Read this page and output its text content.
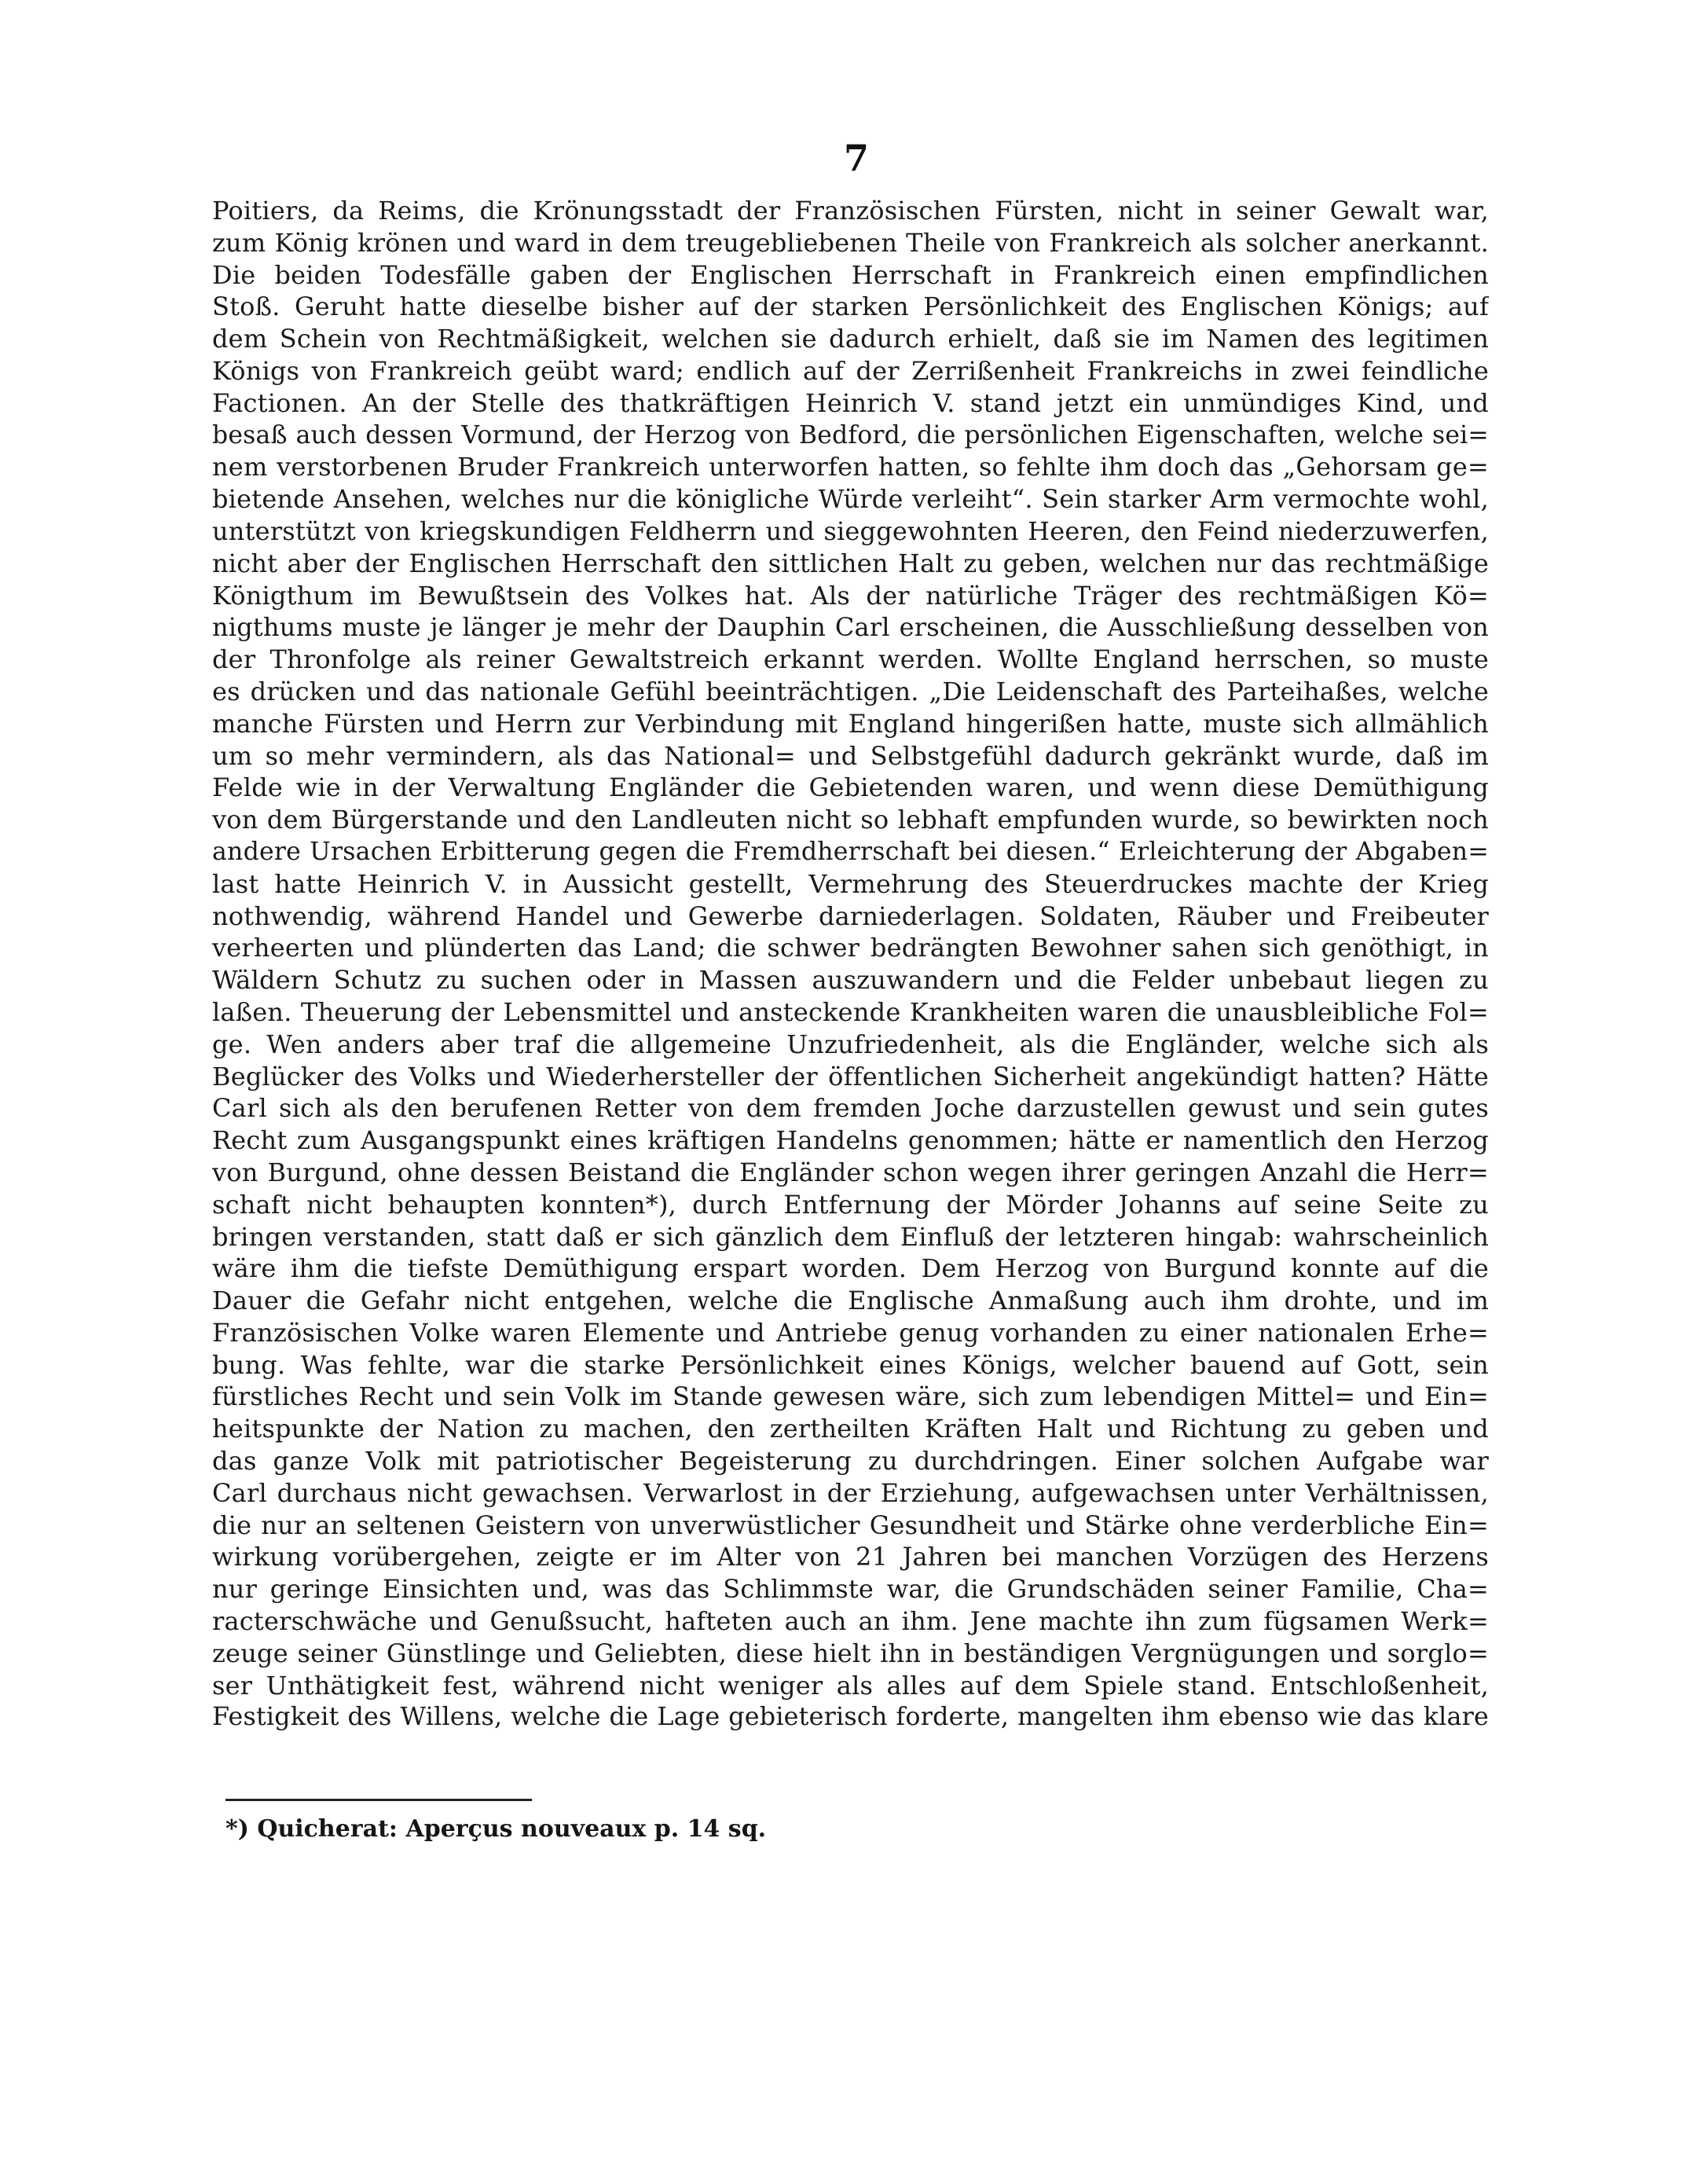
7
Poitiers, da Reims, die Krönungsstadt der Französischen Fürsten, nicht in seiner Gewalt war,
zum König krönen und ward in dem treugebliebenen Theile von Frankreich als solcher anerkannt.
Die beiden Todesfälle gaben der Englischen Herrschaft in Frankreich einen empfindlichen
Stoß. Geruht hatte dieselbe bisher auf der starken Persönlichkeit des Englischen Königs; auf
dem Schein von Rechtmäßigkeit, welchen sie dadurch erhielt, daß sie im Namen des legitimen
Königs von Frankreich geübt ward; endlich auf der Zerrißenheit Frankreichs in zwei feindliche
Factionen. An der Stelle des thatkräftigen Heinrich V. stand jetzt ein unmündiges Kind, und
besaß auch dessen Vormund, der Herzog von Bedford, die persönlichen Eigenschaften, welche sei=
nem verstorbenen Bruder Frankreich unterworfen hatten, so fehlte ihm doch das „Gehorsam ge=
bietende Ansehen, welches nur die königliche Würde verleiht“. Sein starker Arm vermochte wohl,
unterstützt von kriegskundigen Feldherrn und sieggewohnten Heeren, den Feind niederzuwerfen,
nicht aber der Englischen Herrschaft den sittlichen Halt zu geben, welchen nur das rechtmäßige
Königthum im Bewußtsein des Volkes hat. Als der natürliche Träger des rechtmäßigen Kö=
nigthums muste je länger je mehr der Dauphin Carl erscheinen, die Ausschließung desselben von
der Thronfolge als reiner Gewaltstreich erkannt werden. Wollte England herrschen, so muste
es drücken und das nationale Gefühl beeinträchtigen. „Die Leidenschaft des Parteihaßes, welche
manche Fürsten und Herrn zur Verbindung mit England hingerißen hatte, muste sich allmählich
um so mehr vermindern, als das National= und Selbstgefühl dadurch gekränkt wurde, daß im
Felde wie in der Verwaltung Engländer die Gebietenden waren, und wenn diese Demüthigung
von dem Bürgerstande und den Landleuten nicht so lebhaft empfunden wurde, so bewirkten noch
andere Ursachen Erbitterung gegen die Fremdherrschaft bei diesen.“ Erleichterung der Abgaben=
last hatte Heinrich V. in Aussicht gestellt, Vermehrung des Steuerdruckes machte der Krieg
nothwendig, während Handel und Gewerbe darniederlagen. Soldaten, Räuber und Freibeuter
verheerten und plünderten das Land; die schwer bedrängten Bewohner sahen sich genöthigt, in
Wäldern Schutz zu suchen oder in Massen auszuwandern und die Felder unbebaut liegen zu
laßen. Theuerung der Lebensmittel und ansteckende Krankheiten waren die unausbleibliche Fol=
ge. Wen anders aber traf die allgemeine Unzufriedenheit, als die Engländer, welche sich als
Beglücker des Volks und Wiederhersteller der öffentlichen Sicherheit angekündigt hatten? Hätte
Carl sich als den berufenen Retter von dem fremden Joche darzustellen gewust und sein gutes
Recht zum Ausgangspunkt eines kräftigen Handelns genommen; hätte er namentlich den Herzog
von Burgund, ohne dessen Beistand die Engländer schon wegen ihrer geringen Anzahl die Herr=
schaft nicht behaupten konnten*), durch Entfernung der Mörder Johanns auf seine Seite zu
bringen verstanden, statt daß er sich gänzlich dem Einfluß der letzteren hingab: wahrscheinlich
wäre ihm die tiefste Demüthigung erspart worden. Dem Herzog von Burgund konnte auf die
Dauer die Gefahr nicht entgehen, welche die Englische Anmaßung auch ihm drohte, und im
Französischen Volke waren Elemente und Antriebe genug vorhanden zu einer nationalen Erhe=
bung. Was fehlte, war die starke Persönlichkeit eines Königs, welcher bauend auf Gott, sein
fürstliches Recht und sein Volk im Stande gewesen wäre, sich zum lebendigen Mittel= und Ein=
heitspunkte der Nation zu machen, den zertheilten Kräften Halt und Richtung zu geben und
das ganze Volk mit patriotischer Begeisterung zu durchdringen. Einer solchen Aufgabe war
Carl durchaus nicht gewachsen. Verwarlost in der Erziehung, aufgewachsen unter Verhältnissen,
die nur an seltenen Geistern von unverwüstlicher Gesundheit und Stärke ohne verderbliche Ein=
wirkung vorübergehen, zeigte er im Alter von 21 Jahren bei manchen Vorzügen des Herzens
nur geringe Einsichten und, was das Schlimmste war, die Grundschäden seiner Familie, Cha=
racterschwäche und Genußsucht, hafteten auch an ihm. Jene machte ihn zum fügsamen Werk=
zeuge seiner Günstlinge und Geliebten, diese hielt ihn in beständigen Vergnügungen und sorglo=
ser Unthätigkeit fest, während nicht weniger als alles auf dem Spiele stand. Entschloßenheit,
Festigkeit des Willens, welche die Lage gebieterisch forderte, mangelten ihm ebenso wie das klare
*) Quicherat: Aperçus nouveaux p. 14 sq.
